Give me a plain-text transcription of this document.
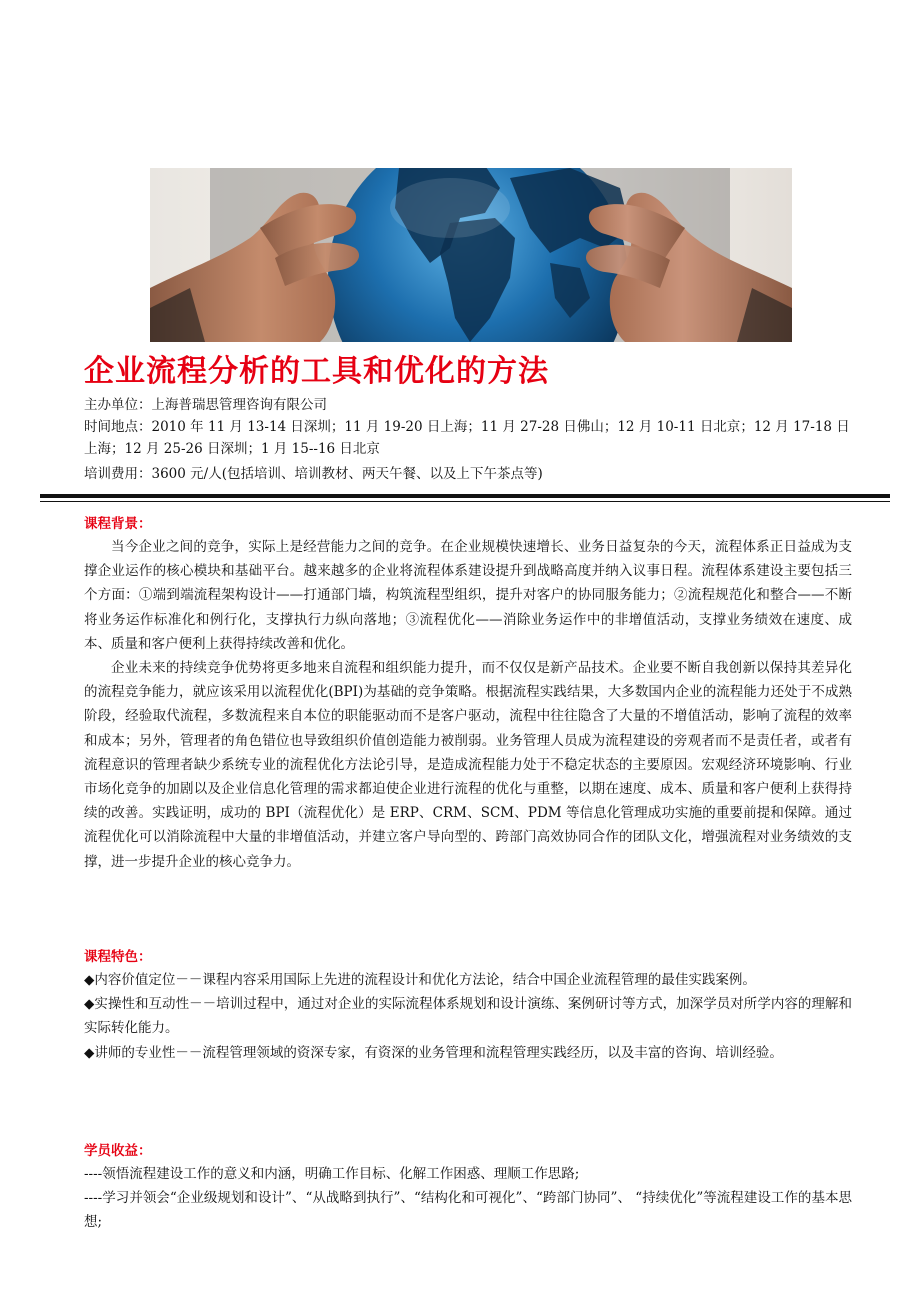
企业流程分析的工具和优化的方法

主办单位：上海普瑞思管理咨询有限公司

时间地点：2010 年 11 月 13-14 日深圳；11 月 19-20 日上海；11 月 27-28 日佛山；12 月 10-11 日北京；12 月 17-18 日上海；12 月 25-26 日深圳；1 月 15--16 日北京

培训费用：3600 元/人(包括培训、培训教材、两天午餐、以及上下午茶点等)

课程背景：

当今企业之间的竞争，实际上是经营能力之间的竞争。在企业规模快速增长、业务日益复杂的今天，流程体系正日益成为支撑企业运作的核心模块和基础平台。越来越多的企业将流程体系建设提升到战略高度并纳入议事日程。流程体系建设主要包括三个方面：①端到端流程架构设计——打通部门墙，构筑流程型组织，提升对客户的协同服务能力；②流程规范化和整合——不断将业务运作标准化和例行化，支撑执行力纵向落地；③流程优化——消除业务运作中的非增值活动，支撑业务绩效在速度、成本、质量和客户便利上获得持续改善和优化。

企业未来的持续竞争优势将更多地来自流程和组织能力提升，而不仅仅是新产品技术。企业要不断自我创新以保持其差异化的流程竞争能力，就应该采用以流程优化(BPI)为基础的竞争策略。根据流程实践结果，大多数国内企业的流程能力还处于不成熟阶段，经验取代流程，多数流程来自本位的职能驱动而不是客户驱动，流程中往往隐含了大量的不增值活动，影响了流程的效率和成本；另外，管理者的角色错位也导致组织价值创造能力被削弱。业务管理人员成为流程建设的旁观者而不是责任者，或者有流程意识的管理者缺少系统专业的流程优化方法论引导，是造成流程能力处于不稳定状态的主要原因。宏观经济环境影响、行业市场化竞争的加剧以及企业信息化管理的需求都迫使企业进行流程的优化与重整，以期在速度、成本、质量和客户便利上获得持续的改善。实践证明，成功的 BPI（流程优化）是 ERP、CRM、SCM、PDM 等信息化管理成功实施的重要前提和保障。通过流程优化可以消除流程中大量的非增值活动，并建立客户导向型的、跨部门高效协同合作的团队文化，增强流程对业务绩效的支撑，进一步提升企业的核心竞争力。

课程特色：

◆内容价值定位－－课程内容采用国际上先进的流程设计和优化方法论，结合中国企业流程管理的最佳实践案例。

◆实操性和互动性－－培训过程中，通过对企业的实际流程体系规划和设计演练、案例研讨等方式，加深学员对所学内容的理解和实际转化能力。

◆讲师的专业性－－流程管理领域的资深专家，有资深的业务管理和流程管理实践经历，以及丰富的咨询、培训经验。

学员收益：

----领悟流程建设工作的意义和内涵，明确工作目标、化解工作困惑、理顺工作思路;

----学习并领会“企业级规划和设计”、“从战略到执行”、“结构化和可视化”、“跨部门协同”、 “持续优化”等流程建设工作的基本思想;
